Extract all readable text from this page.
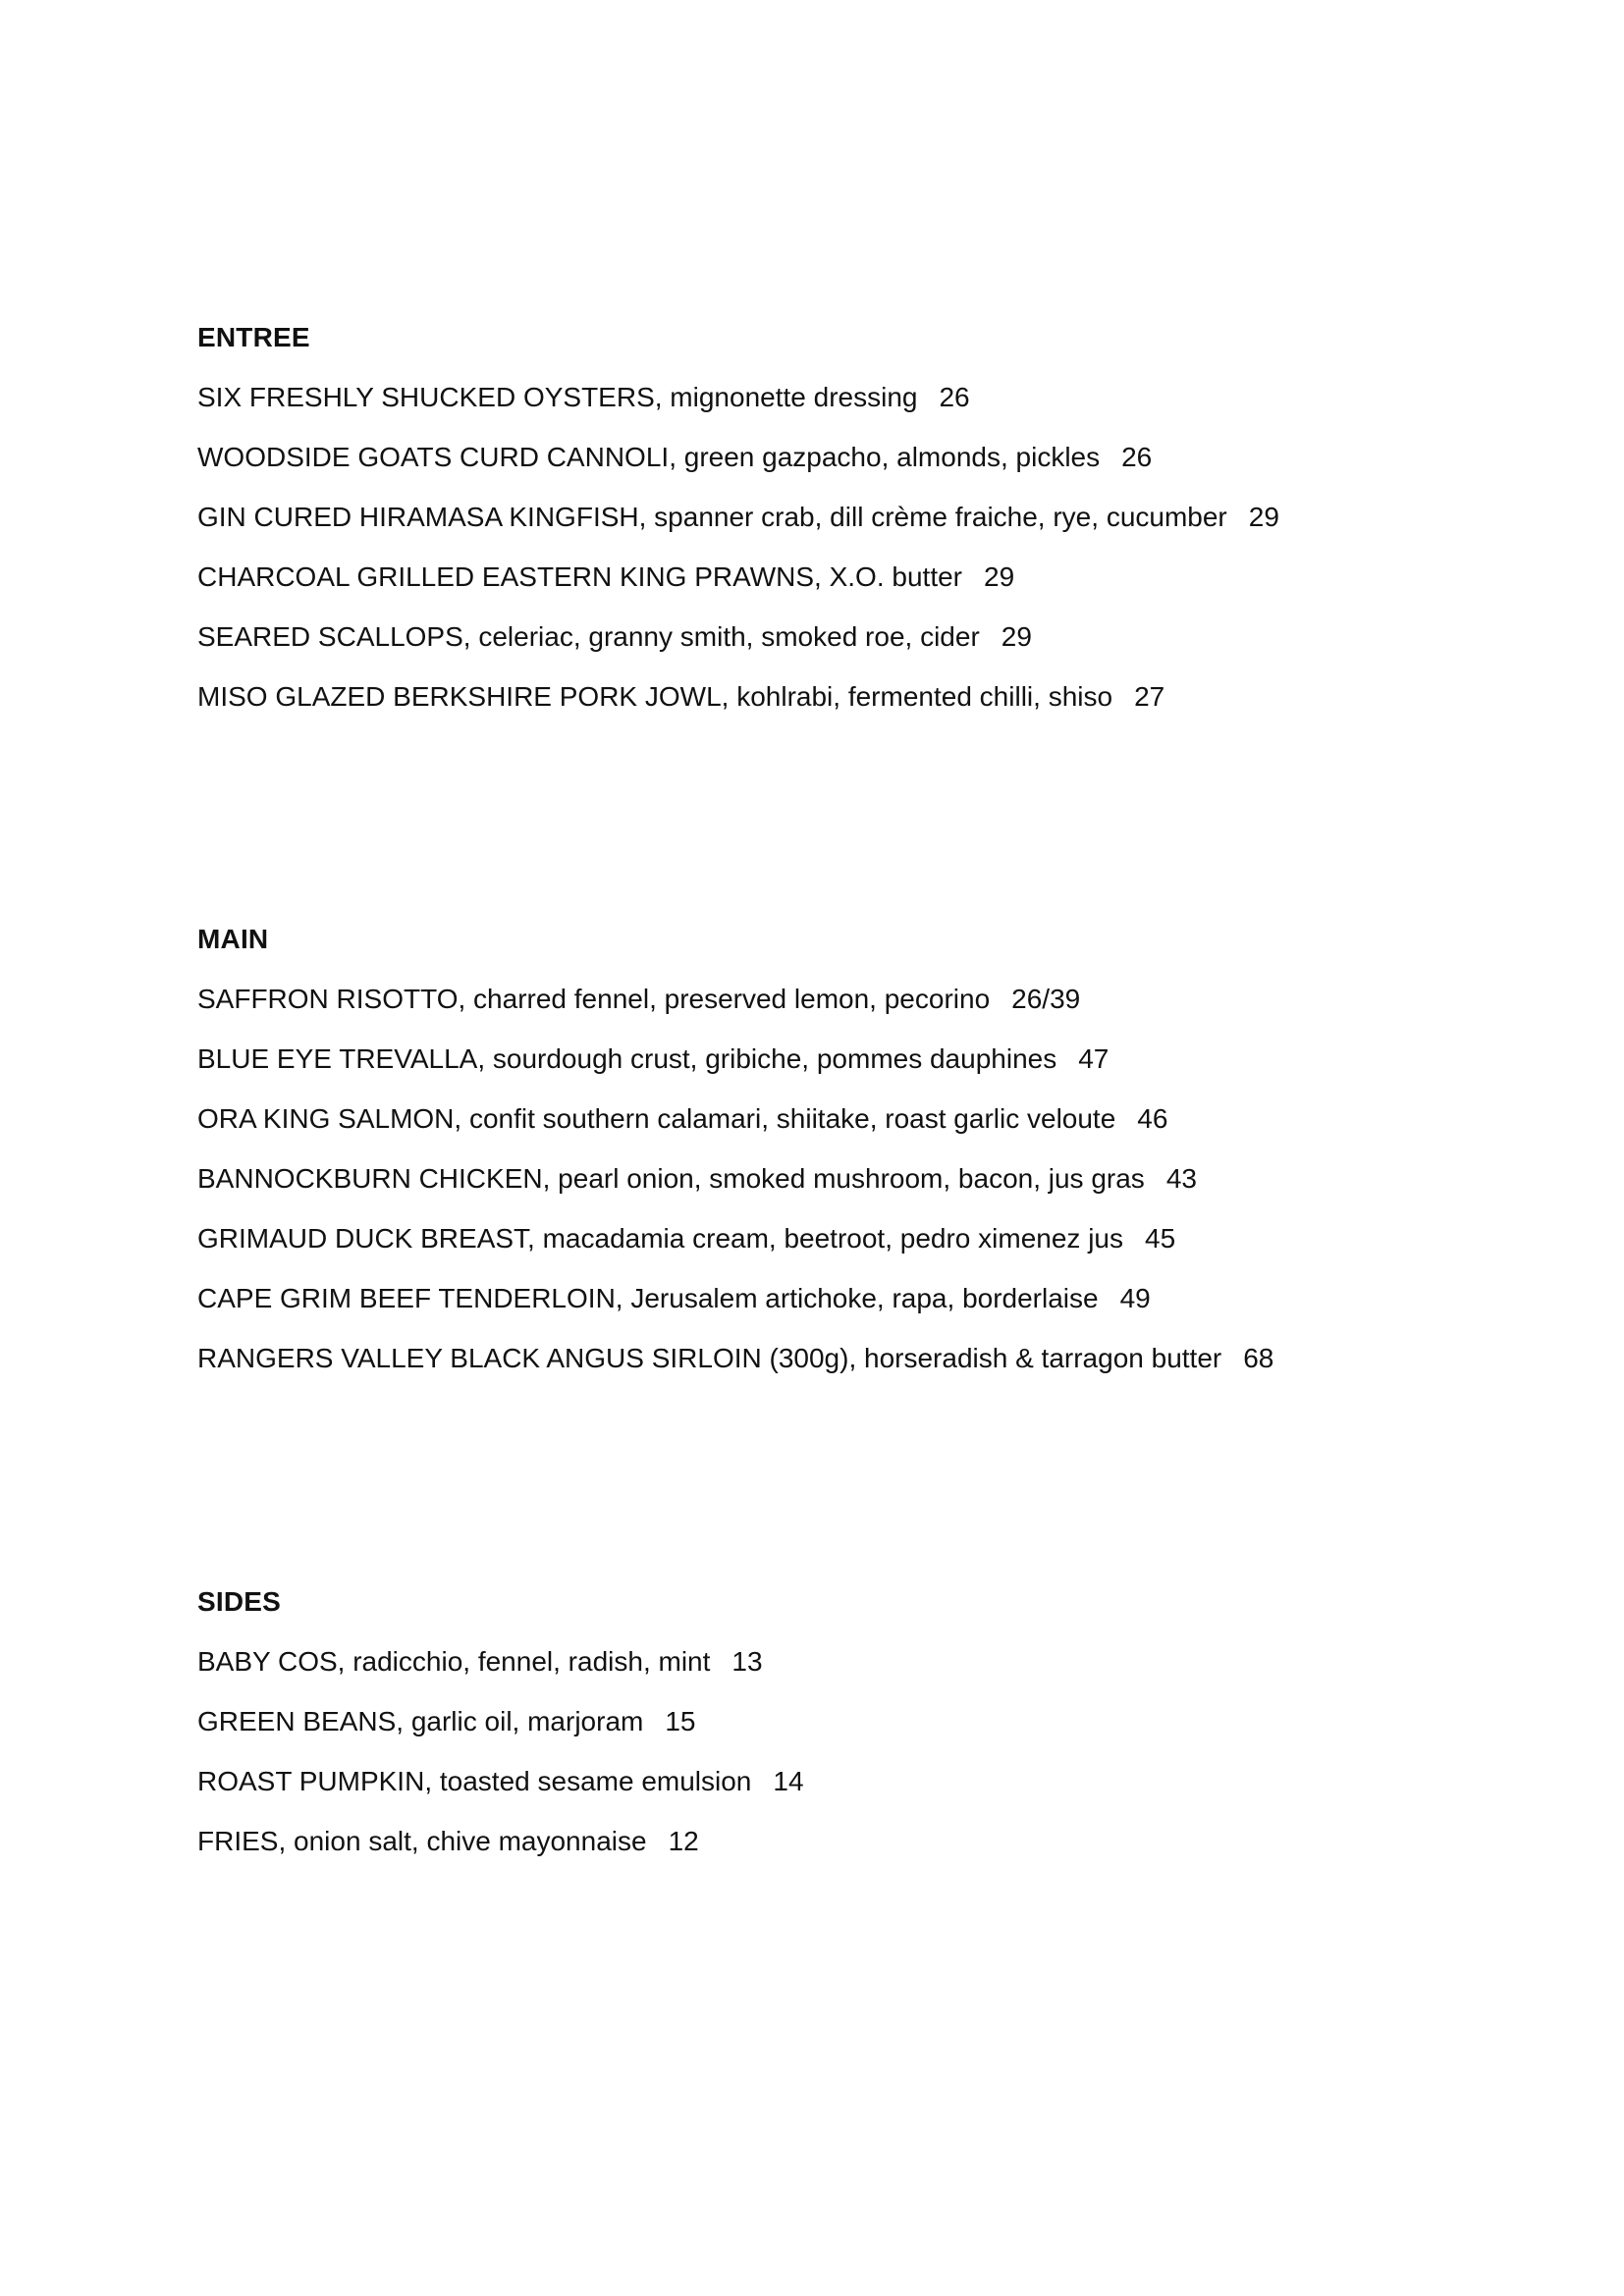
ENTREE
SIX FRESHLY SHUCKED OYSTERS, mignonette dressing 26
WOODSIDE GOATS CURD CANNOLI, green gazpacho, almonds, pickles 26
GIN CURED HIRAMASA KINGFISH, spanner crab, dill crème fraiche, rye, cucumber 29
CHARCOAL GRILLED EASTERN KING PRAWNS, X.O. butter 29
SEARED SCALLOPS, celeriac, granny smith, smoked roe, cider 29
MISO GLAZED BERKSHIRE PORK JOWL, kohlrabi, fermented chilli, shiso 27
MAIN
SAFFRON RISOTTO, charred fennel, preserved lemon, pecorino 26/39
BLUE EYE TREVALLA, sourdough crust, gribiche, pommes dauphines 47
ORA KING SALMON, confit southern calamari, shiitake, roast garlic veloute 46
BANNOCKBURN CHICKEN, pearl onion, smoked mushroom, bacon, jus gras 43
GRIMAUD DUCK BREAST, macadamia cream, beetroot, pedro ximenez jus 45
CAPE GRIM BEEF TENDERLOIN, Jerusalem artichoke, rapa, borderlaise 49
RANGERS VALLEY BLACK ANGUS SIRLOIN (300g), horseradish & tarragon butter 68
SIDES
BABY COS, radicchio, fennel, radish, mint 13
GREEN BEANS, garlic oil, marjoram 15
ROAST PUMPKIN, toasted sesame emulsion 14
FRIES, onion salt, chive mayonnaise 12
